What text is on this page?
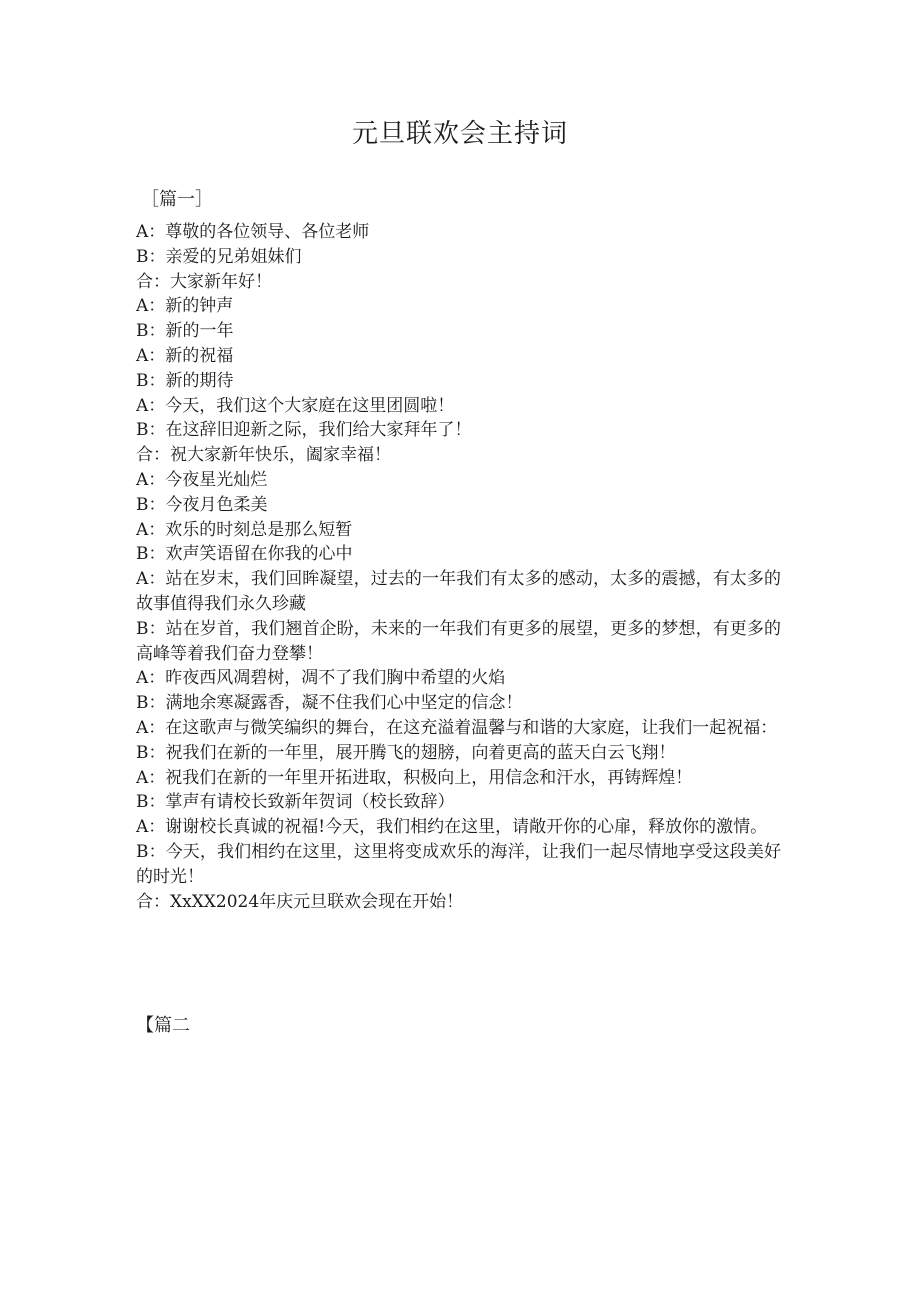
元旦联欢会主持词
［篇一］
A：尊敬的各位领导、各位老师
B：亲爱的兄弟姐妹们
合：大家新年好！
A：新的钟声
B：新的一年
A：新的祝福
B：新的期待
A：今天，我们这个大家庭在这里团圆啦！
B：在这辞旧迎新之际，我们给大家拜年了！
合：祝大家新年快乐，阖家幸福！
A：今夜星光灿烂
B：今夜月色柔美
A：欢乐的时刻总是那么短暂
B：欢声笑语留在你我的心中
A：站在岁末，我们回眸凝望，过去的一年我们有太多的感动，太多的震撼，有太多的故事值得我们永久珍藏
B：站在岁首，我们翘首企盼，未来的一年我们有更多的展望，更多的梦想，有更多的高峰等着我们奋力登攀！
A：昨夜西风凋碧树，凋不了我们胸中希望的火焰
B：满地余寒凝露香，凝不住我们心中坚定的信念！
A：在这歌声与微笑编织的舞台，在这充溢着温馨与和谐的大家庭，让我们一起祝福：
B：祝我们在新的一年里，展开腾飞的翅膀，向着更高的蓝天白云飞翔！
A：祝我们在新的一年里开拓进取，积极向上，用信念和汗水，再铸辉煌！
B：掌声有请校长致新年贺词（校长致辞）
A：谢谢校长真诚的祝福!今天，我们相约在这里，请敞开你的心扉，释放你的激情。
B：今天，我们相约在这里，这里将变成欢乐的海洋，让我们一起尽情地享受这段美好的时光！
合：XxXX2024年庆元旦联欢会现在开始！
【篇二
